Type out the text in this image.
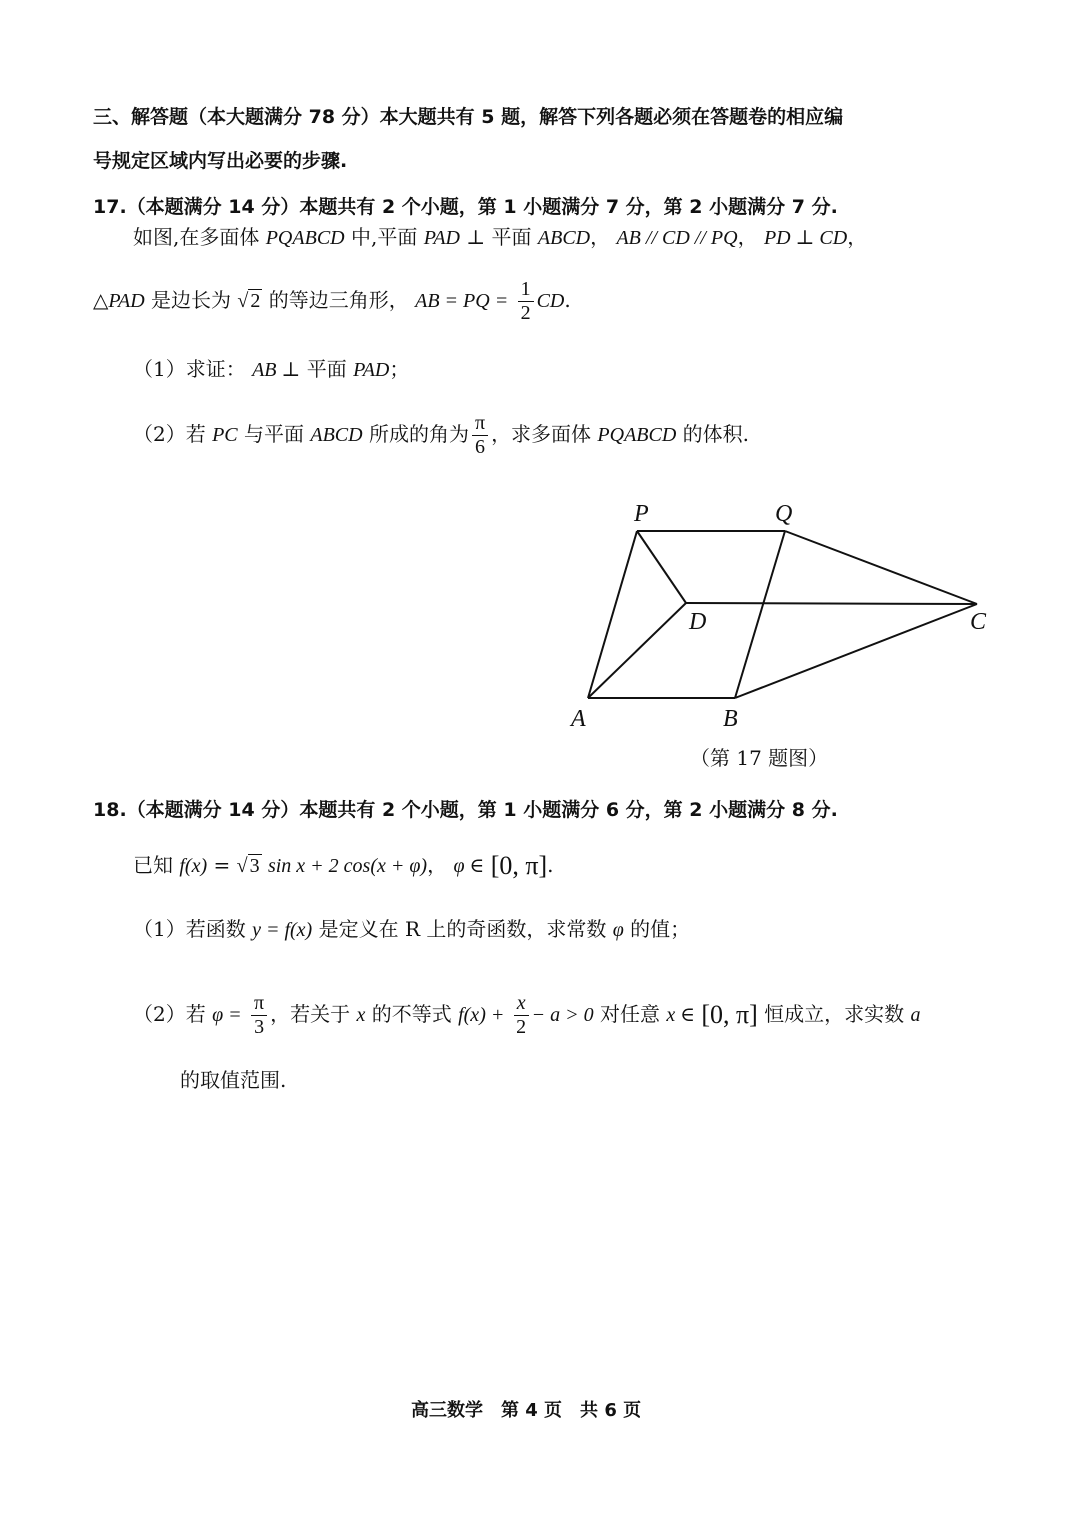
三、解答题（本大题满分 78 分）本大题共有 5 题，解答下列各题必须在答题卷的相应编
号规定区域内写出必要的步骤.
17.（本题满分 14 分）本题共有 2 个小题，第 1 小题满分 7 分，第 2 小题满分 7 分.
如图,在多面体 PQABCD 中,平面 PAD ⊥ 平面 ABCD， AB // CD // PQ， PD ⊥ CD，
△PAD 是边长为 √ 2 的等边三角形， AB = PQ = $\frac{1}{2}$ CD.
（1）求证： AB ⊥ 平面 PAD；
（2）若 PC 与平面 ABCD 所成的角为 $\frac{\pi}{6}$ ，求多面体 PQABCD 的体积.
P	Q
D	C
A	B
（第 17 题图）
18.（本题满分 14 分）本题共有 2 个小题，第 1 小题满分 6 分，第 2 小题满分 8 分.
已知 f(x) = √ 3 sin x + 2 cos(x + φ)， φ ∈ [0, π].
（1）若函数 y = f(x) 是定义在 R 上的奇函数，求常数 φ 的值；
（2）若 $\varphi = \frac{\pi}{3}$ ，若关于 x 的不等式 $f(x) + \frac{x}{2} - a > 0$ 对任意 x ∈ [0, π] 恒成立，求实数 a
的取值范围.
高三数学　第 4 页　共 6 页
